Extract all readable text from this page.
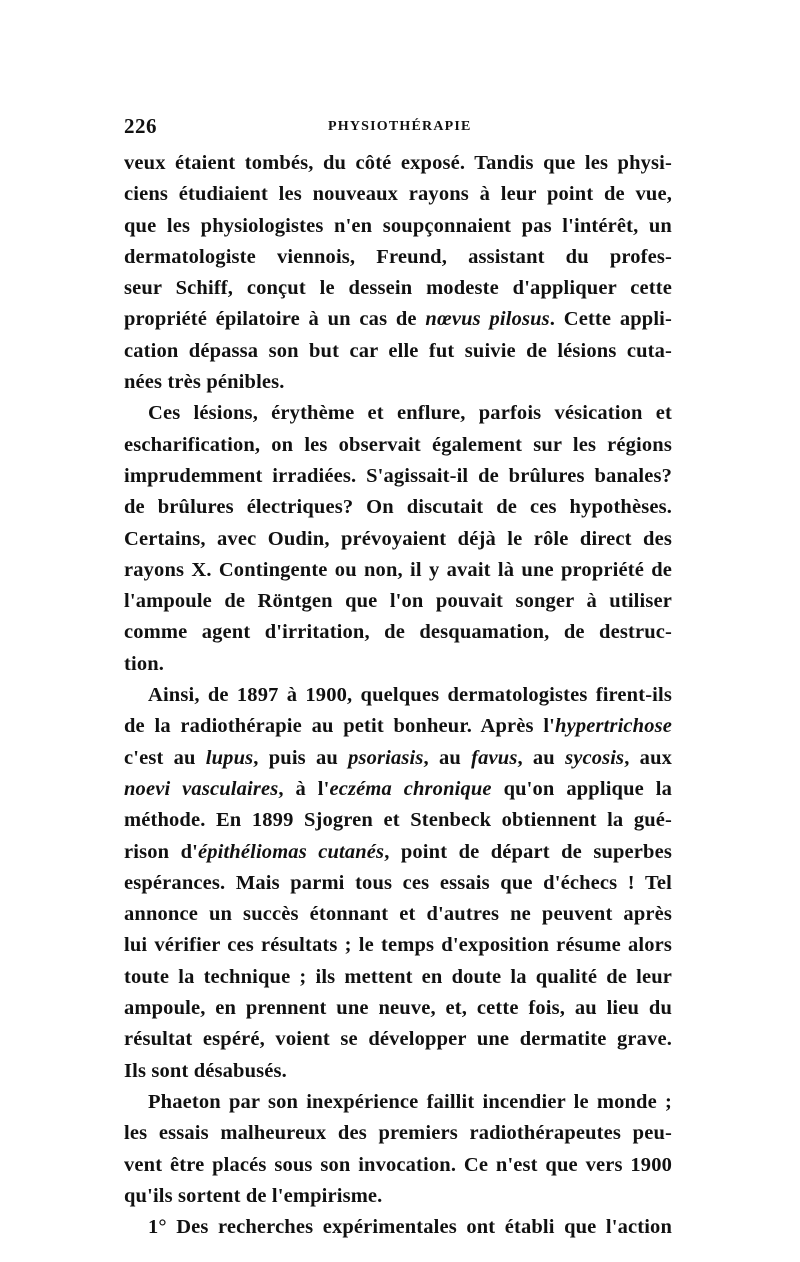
226	PHYSIOTHÉRAPIE
veux étaient tombés, du côté exposé. Tandis que les physi-
ciens étudiaient les nouveaux rayons à leur point de vue,
que les physiologistes n'en soupçonnaient pas l'intérêt, un
dermatologiste viennois, Freund, assistant du profes-
seur Schiff, conçut le dessein modeste d'appliquer cette
propriété épilatoire à un cas de nœvus pilosus. Cette appli-
cation dépassa son but car elle fut suivie de lésions cuta-
nées très pénibles.
Ces lésions, érythème et enflure, parfois vésication et
escharification, on les observait également sur les régions
imprudemment irradiées. S'agissait-il de brûlures banales?
de brûlures électriques? On discutait de ces hypothèses.
Certains, avec Oudin, prévoyaient déjà le rôle direct des
rayons X. Contingente ou non, il y avait là une propriété de
l'ampoule de Röntgen que l'on pouvait songer à utiliser
comme agent d'irritation, de desquamation, de destruc-
tion.
Ainsi, de 1897 à 1900, quelques dermatologistes firent-ils
de la radiothérapie au petit bonheur. Après l'hypertrichose
c'est au lupus, puis au psoriasis, au favus, au sycosis, aux
noevi vasculaires, à l'eczéma chronique qu'on applique la
méthode. En 1899 Sjogren et Stenbeck obtiennent la gué-
rison d'épithéliomas cutanés, point de départ de superbes
espérances. Mais parmi tous ces essais que d'échecs ! Tel
annonce un succès étonnant et d'autres ne peuvent après
lui vérifier ces résultats ; le temps d'exposition résume alors
toute la technique ; ils mettent en doute la qualité de leur
ampoule, en prennent une neuve, et, cette fois, au lieu du
résultat espéré, voient se développer une dermatite grave.
Ils sont désabusés.
Phaeton par son inexpérience faillit incendier le monde ;
les essais malheureux des premiers radiothérapeutes peu-
vent être placés sous son invocation. Ce n'est que vers 1900
qu'ils sortent de l'empirisme.
1° Des recherches expérimentales ont établi que l'action
